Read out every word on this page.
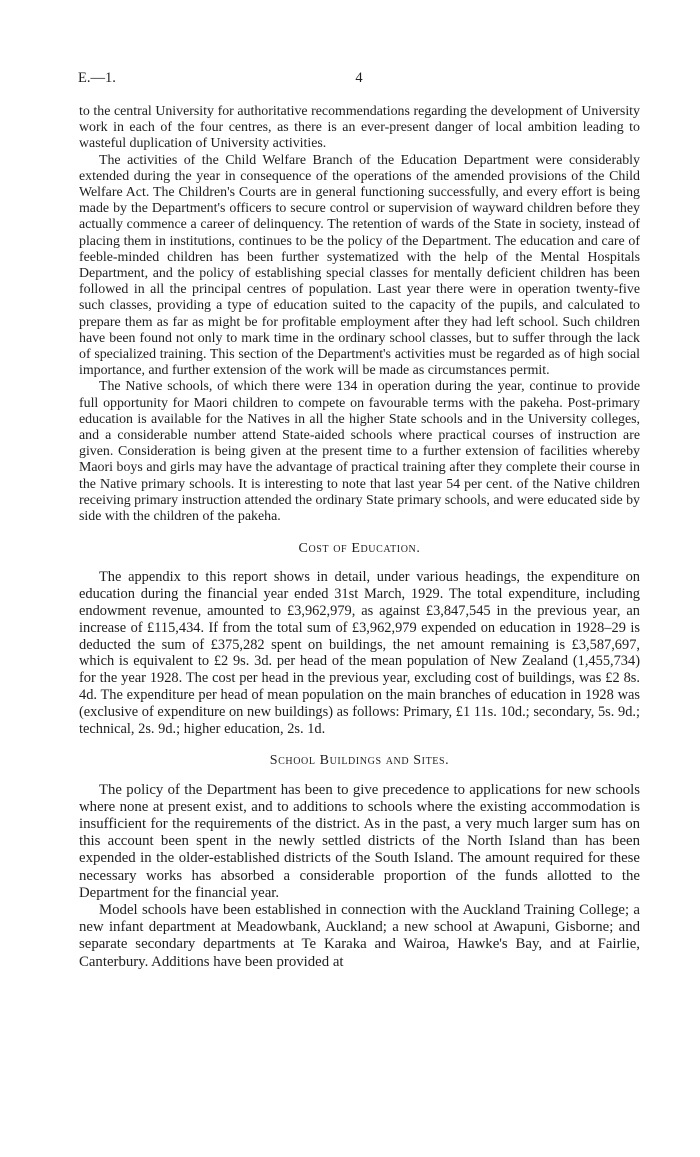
E.—1.	4

to the central University for authoritative recommendations regarding the development of University work in each of the four centres, as there is an ever-present danger of local ambition leading to wasteful duplication of University activities.

The activities of the Child Welfare Branch of the Education Department were considerably extended during the year in consequence of the operations of the amended provisions of the Child Welfare Act. The Children's Courts are in general functioning successfully, and every effort is being made by the Department's officers to secure control or supervision of wayward children before they actually commence a career of delinquency. The retention of wards of the State in society, instead of placing them in institutions, continues to be the policy of the Department. The education and care of feeble-minded children has been further systematized with the help of the Mental Hospitals Department, and the policy of establishing special classes for mentally deficient children has been followed in all the principal centres of population. Last year there were in operation twenty-five such classes, providing a type of education suited to the capacity of the pupils, and calculated to prepare them as far as might be for profitable employment after they had left school. Such children have been found not only to mark time in the ordinary school classes, but to suffer through the lack of specialized training. This section of the Department's activities must be regarded as of high social importance, and further extension of the work will be made as circumstances permit.

The Native schools, of which there were 134 in operation during the year, continue to provide full opportunity for Maori children to compete on favourable terms with the pakeha. Post-primary education is available for the Natives in all the higher State schools and in the University colleges, and a considerable number attend State-aided schools where practical courses of instruction are given. Consideration is being given at the present time to a further extension of facilities whereby Maori boys and girls may have the advantage of practical training after they complete their course in the Native primary schools. It is interesting to note that last year 54 per cent. of the Native children receiving primary instruction attended the ordinary State primary schools, and were educated side by side with the children of the pakeha.

Cost of Education.

The appendix to this report shows in detail, under various headings, the expenditure on education during the financial year ended 31st March, 1929. The total expenditure, including endowment revenue, amounted to £3,962,979, as against £3,847,545 in the previous year, an increase of £115,434. If from the total sum of £3,962,979 expended on education in 1928–29 is deducted the sum of £375,282 spent on buildings, the net amount remaining is £3,587,697, which is equivalent to £2 9s. 3d. per head of the mean population of New Zealand (1,455,734) for the year 1928. The cost per head in the previous year, excluding cost of buildings, was £2 8s. 4d. The expenditure per head of mean population on the main branches of education in 1928 was (exclusive of expenditure on new buildings) as follows: Primary, £1 11s. 10d.; secondary, 5s. 9d.; technical, 2s. 9d.; higher education, 2s. 1d.

School Buildings and Sites.

The policy of the Department has been to give precedence to applications for new schools where none at present exist, and to additions to schools where the existing accommodation is insufficient for the requirements of the district. As in the past, a very much larger sum has on this account been spent in the newly settled districts of the North Island than has been expended in the older-established districts of the South Island. The amount required for these necessary works has absorbed a considerable proportion of the funds allotted to the Department for the financial year.

Model schools have been established in connection with the Auckland Training College; a new infant department at Meadowbank, Auckland; a new school at Awapuni, Gisborne; and separate secondary departments at Te Karaka and Wairoa, Hawke's Bay, and at Fairlie, Canterbury. Additions have been provided at
